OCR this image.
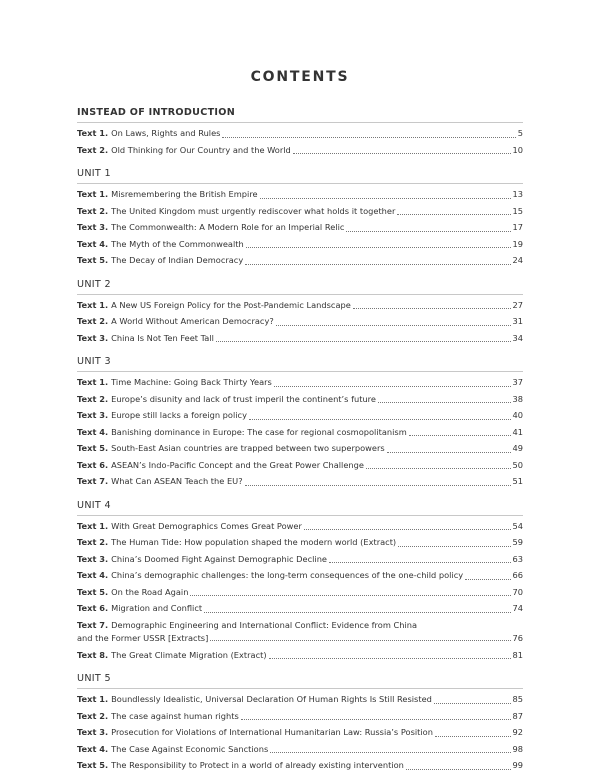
CONTENTS
INSTEAD OF INTRODUCTION
Text 1. On Laws, Rights and Rules	5
Text 2. Old Thinking for Our Country and the World	10
UNIT 1
Text 1. Misremembering the British Empire	13
Text 2. The United Kingdom must urgently rediscover what holds it together	15
Text 3. The Commonwealth: A Modern Role for an Imperial Relic	17
Text 4. The Myth of the Commonwealth	19
Text 5. The Decay of Indian Democracy	24
UNIT 2
Text 1. A New US Foreign Policy for the Post-Pandemic Landscape	27
Text 2. A World Without American Democracy?	31
Text 3. China Is Not Ten Feet Tall	34
UNIT 3
Text 1. Time Machine: Going Back Thirty Years	37
Text 2. Europe’s disunity and lack of trust imperil the continent’s future	38
Text 3. Europe still lacks a foreign policy	40
Text 4. Banishing dominance in Europe: The case for regional cosmopolitanism	41
Text 5. South-East Asian countries are trapped between two superpowers	49
Text 6. ASEAN’s Indo-Pacific Concept and the Great Power Challenge	50
Text 7. What Can ASEAN Teach the EU?	51
UNIT 4
Text 1. With Great Demographics Comes Great Power	54
Text 2. The Human Tide: How population shaped the modern world (Extract)	59
Text 3. China’s Doomed Fight Against Demographic Decline	63
Text 4. China’s demographic challenges: the long-term consequences of the one-child policy	66
Text 5. On the Road Again	70
Text 6. Migration and Conflict	74
Text 7. Demographic Engineering and International Conflict: Evidence from China
and the Former USSR [Extracts]	76
Text 8. The Great Climate Migration (Extract)	81
UNIT 5
Text 1. Boundlessly Idealistic, Universal Declaration Of Human Rights Is Still Resisted	85
Text 2. The case against human rights	87
Text 3. Prosecution for Violations of International Humanitarian Law: Russia’s Position	92
Text 4. The Case Against Economic Sanctions	98
Text 5. The Responsibility to Protect in a world of already existing intervention	99
